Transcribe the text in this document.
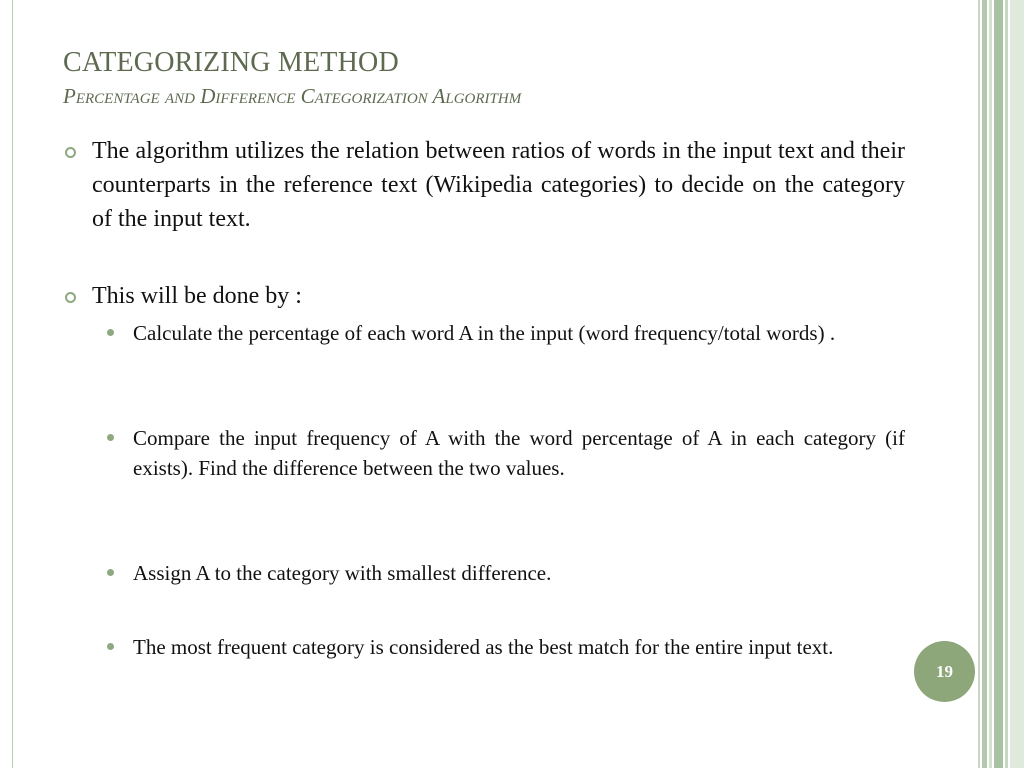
CATEGORIZING METHOD
Percentage and Difference Categorization Algorithm
The algorithm utilizes the relation between ratios of words in the input text and their counterparts in the reference text (Wikipedia categories) to decide on the category of the input text.
This will be done by :
Calculate the percentage of each word A in the input (word frequency/total words) .
Compare the input frequency of A with the word percentage of A in each category (if exists). Find the difference between the two values.
Assign A to the category with smallest difference.
The most frequent category is considered as the best match for the entire input text.
19
